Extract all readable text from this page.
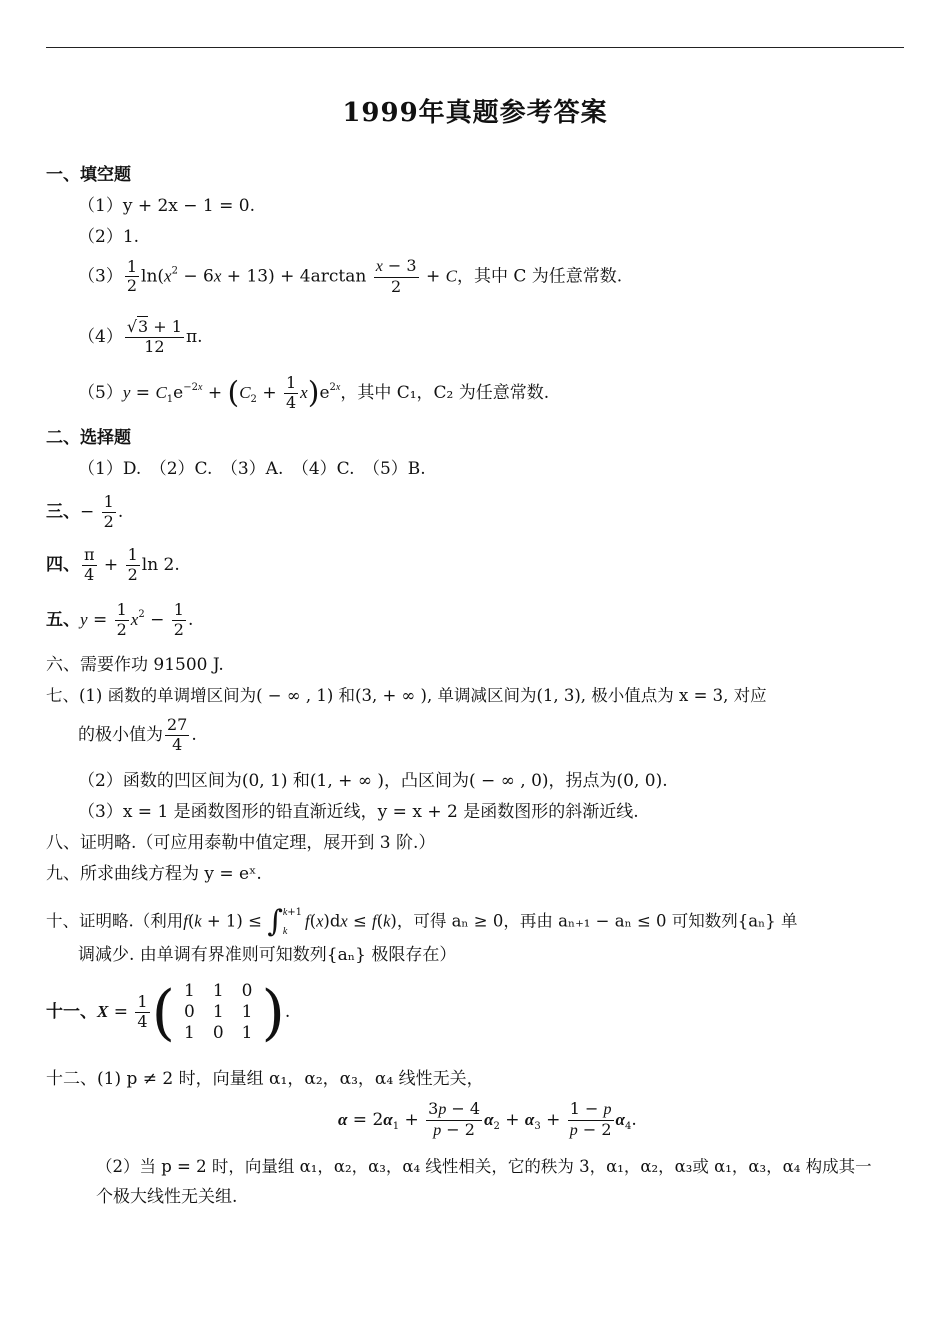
1999年真题参考答案
一、填空题
（1）y + 2x − 1 = 0.
（2）1.
$(3) \frac{1}{2} \ln(x^2 - 6x + 13) + 4\arctan \frac{x - 3}{2} + C$，其中 C 为任意常数.
$(4) \frac{√3 + 1}{12} \pi$.
$(5)y = C_1e^{-2x} + (C_2 + \frac{1}{4} x)e^{2x}$，其中 C₁，C₂ 为任意常数.
二、选择题
（1）D.　（2）C.　（3）A.　（4）C.　（5）B.
三、− $\frac{1}{2}$ .
四、 $\frac{\pi}{4} + \frac{1}{2}$ ln 2.
五、$y = \frac{1}{2} x^2 - \frac{1}{2}$ .
六、需要作功 91500 J.
七、(1) 函数的单调增区间为( − ∞ , 1) 和(3, + ∞ ), 单调减区间为(1, 3), 极小值点为 x = 3, 对应
的极小值为 $\frac{27}{4}$ .
（2）函数的凹区间为(0, 1) 和(1, + ∞ )，凸区间为( − ∞ , 0)，拐点为(0, 0).
（3）x = 1 是函数图形的铅直渐近线，y = x + 2 是函数图形的斜渐近线.
八、证明略.（可应用泰勒中值定理，展开到 3 阶.）
九、所求曲线方程为 y = eˣ.
十、证明略.（利用f(k + 1) ≤ ∫ k+1
k
f(x)dx ≤ f(k)，可得 aₙ ≥ 0，再由 aₙ₊₁ − aₙ ≤ 0 可知数列{aₙ} 单
调减少. 由单调有界准则可知数列{aₙ} 极限存在）
十一、$X = \frac{1}{4}$ ( 1	1	0
0	1	1
1	0	1 ) .
十二、(1) p ≠ 2 时，向量组 α₁，α₂，α₃，α₄ 线性无关，
$\alpha = 2\alpha_1 + \frac{3p - 4}{p - 2} \alpha_2 + \alpha_3 + \frac{1 - p}{p - 2} \alpha_4$.
（2）当 p = 2 时，向量组 α₁，α₂，α₃，α₄ 线性相关，它的秩为 3，α₁，α₂，α₃或 α₁，α₃，α₄ 构成其一
个极大线性无关组.
